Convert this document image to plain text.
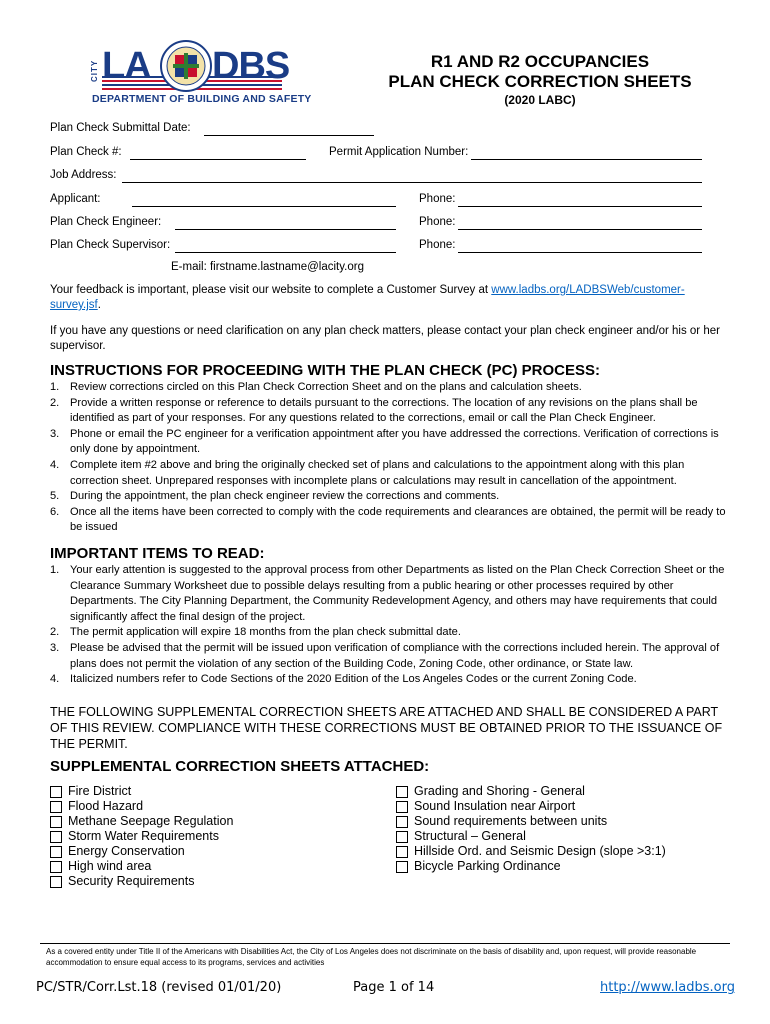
CITY LA DBS
DEPARTMENT OF BUILDING AND SAFETY
R1 AND R2 OCCUPANCIES
PLAN CHECK CORRECTION SHEETS
(2020 LABC)
Plan Check Submittal Date:
Plan Check #:	Permit Application Number:
Job Address:
Applicant:	Phone:
Plan Check Engineer:	Phone:
Plan Check Supervisor:	Phone:
E-mail: firstname.lastname@lacity.org
Your feedback is important, please visit our website to complete a Customer Survey at www.ladbs.org/LADBSWeb/customer-survey.jsf.
If you have any questions or need clarification on any plan check matters, please contact your plan check engineer and/or his or her supervisor.
INSTRUCTIONS FOR PROCEEDING WITH THE PLAN CHECK (PC) PROCESS:
1. Review corrections circled on this Plan Check Correction Sheet and on the plans and calculation sheets.
2. Provide a written response or reference to details pursuant to the corrections. The location of any revisions on the plans shall be identified as part of your responses. For any questions related to the corrections, email or call the Plan Check Engineer.
3. Phone or email the PC engineer for a verification appointment after you have addressed the corrections. Verification of corrections is only done by appointment.
4. Complete item #2 above and bring the originally checked set of plans and calculations to the appointment along with this plan correction sheet. Unprepared responses with incomplete plans or calculations may result in cancellation of the appointment.
5. During the appointment, the plan check engineer review the corrections and comments.
6. Once all the items have been corrected to comply with the code requirements and clearances are obtained, the permit will be ready to be issued
IMPORTANT ITEMS TO READ:
1. Your early attention is suggested to the approval process from other Departments as listed on the Plan Check Correction Sheet or the Clearance Summary Worksheet due to possible delays resulting from a public hearing or other processes required by other Departments. The City Planning Department, the Community Redevelopment Agency, and others may have requirements that could significantly affect the final design of the project.
2. The permit application will expire 18 months from the plan check submittal date.
3. Please be advised that the permit will be issued upon verification of compliance with the corrections included herein. The approval of plans does not permit the violation of any section of the Building Code, Zoning Code, other ordinance, or State law.
4. Italicized numbers refer to Code Sections of the 2020 Edition of the Los Angeles Codes or the current Zoning Code.
THE FOLLOWING SUPPLEMENTAL CORRECTION SHEETS ARE ATTACHED AND SHALL BE CONSIDERED A PART OF THIS REVIEW. COMPLIANCE WITH THESE CORRECTIONS MUST BE OBTAINED PRIOR TO THE ISSUANCE OF THE PERMIT.
SUPPLEMENTAL CORRECTION SHEETS ATTACHED:
Fire District
Flood Hazard
Methane Seepage Regulation
Storm Water Requirements
Energy Conservation
High wind area
Security Requirements
Grading and Shoring - General
Sound Insulation near Airport
Sound requirements between units
Structural – General
Hillside Ord. and Seismic Design (slope >3:1)
Bicycle Parking Ordinance
As a covered entity under Title II of the Americans with Disabilities Act, the City of Los Angeles does not discriminate on the basis of disability and, upon request, will provide reasonable accommodation to ensure equal access to its programs, services and activities
PC/STR/Corr.Lst.18 (revised 01/01/20)	Page 1 of 14	http://www.ladbs.org
